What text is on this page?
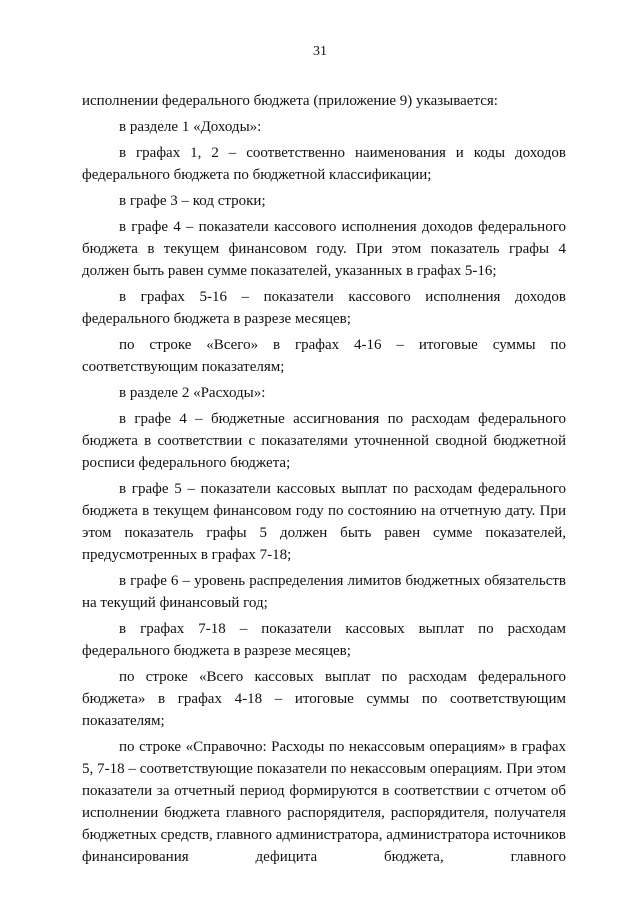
31

исполнении федерального бюджета (приложение 9) указывается:

в разделе 1 «Доходы»:

в графах 1, 2 – соответственно наименования и коды доходов федерального бюджета по бюджетной классификации;

в графе 3 – код строки;

в графе 4 – показатели кассового исполнения доходов федерального бюджета в текущем финансовом году. При этом показатель графы 4 должен быть равен сумме показателей, указанных в графах 5-16;

в графах 5-16 – показатели кассового исполнения доходов федерального бюджета в разрезе месяцев;

по строке «Всего» в графах 4-16 – итоговые суммы по соответствующим показателям;

в разделе 2 «Расходы»:

в графе 4 – бюджетные ассигнования по расходам федерального бюджета в соответствии с показателями уточненной сводной бюджетной росписи федерального бюджета;

в графе 5 – показатели кассовых выплат по расходам федерального бюджета в текущем финансовом году по состоянию на отчетную дату. При этом показатель графы 5 должен быть равен сумме показателей, предусмотренных в графах 7-18;

в графе 6 – уровень распределения лимитов бюджетных обязательств на текущий финансовый год;

в графах 7-18 – показатели кассовых выплат по расходам федерального бюджета в разрезе месяцев;

по строке «Всего кассовых выплат по расходам федерального бюджета» в графах 4-18 – итоговые суммы по соответствующим показателям;

по строке «Справочно: Расходы по некассовым операциям» в графах 5, 7-18 – соответствующие показатели по некассовым операциям. При этом показатели за отчетный период формируются в соответствии с отчетом об исполнении бюджета главного распорядителя, распорядителя, получателя бюджетных средств, главного администратора, администратора источников финансирования дефицита бюджета, главного
